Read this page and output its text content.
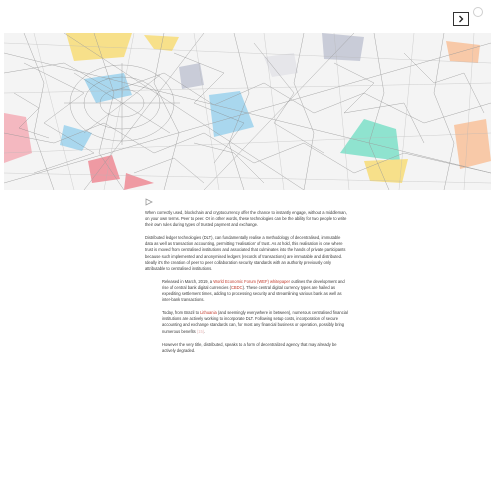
When correctly used, blockchain and cryptocurrency offer the chance to instantly engage, without a middleman, on your own terms. Peer to peer. Or in other words, these technologies can be the ability for two people to write their own rules during types of trusted payment and exchange.

Distributed ledger technologies (DLT), can fundamentally realise a methodology of decentralised, immutable data as well as transaction accounting, permitting 'realisation' of trust. As at hold, this realisation is one where trust is moved from centralised institutions and associated that culminates into the hands of private participants because such implemented and anonymised ledgers (records of transactions) are immutable and distributed. Ideally it's the creation of peer to peer collaboration security standards with an authority previously only attributable to centralised institutions.

Released in March, 2019, a World Economic Forum (WEF) whitepaper outlines the development and rise of central bank digital currencies (CBDC). These central digital currency types are hailed as expediting settlement times, adding to processing security and streamlining various bank as well as inter-bank transactions.

Today, from Brazil to Lithuania (and seemingly everywhere in between), numerous centralised financial institutions are actively working to incorporate DLT. Following setup costs, incorporation of secure accounting and exchange standards can, for most any financial business or operation, possibly bring numerous benefits (15).

However the very title, distributed, speaks to a form of decentralized agency that may already be actively degraded.
